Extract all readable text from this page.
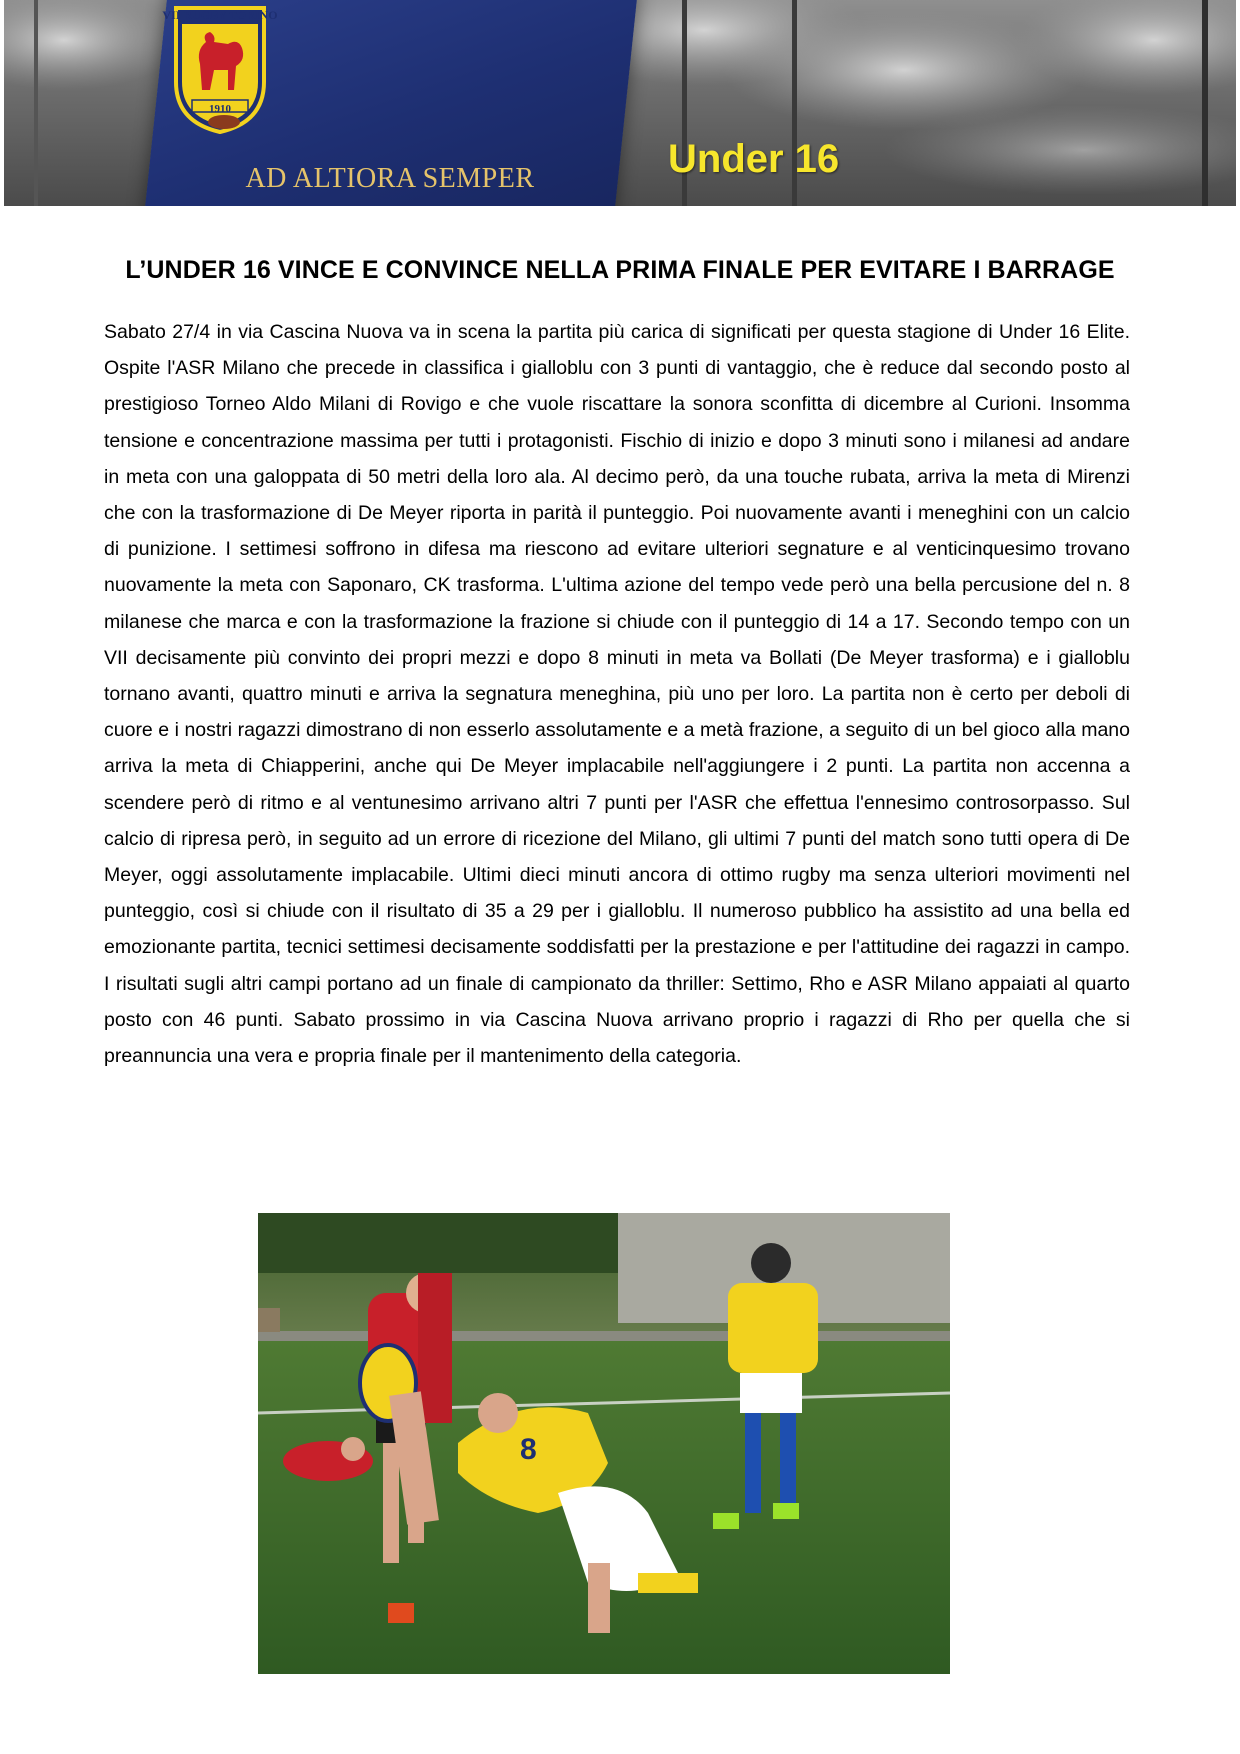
VII RUGBY TORINO
1910
AD ALTIORA SEMPER	Under 16
L’UNDER 16 VINCE E CONVINCE NELLA PRIMA FINALE PER EVITARE I BARRAGE

Sabato 27/4 in via Cascina Nuova va in scena la partita più carica di significati per questa stagione di Under 16 Elite. Ospite l'ASR Milano che precede in classifica i gialloblu con 3 punti di vantaggio, che è reduce dal secondo posto al prestigioso Torneo Aldo Milani di Rovigo e che vuole riscattare la sonora sconfitta di dicembre al Curioni. Insomma tensione e concentrazione massima per tutti i protagonisti. Fischio di inizio e dopo 3 minuti sono i milanesi ad andare in meta con una galoppata di 50 metri della loro ala. Al decimo però, da una touche rubata, arriva la meta di Mirenzi che con la trasformazione di De Meyer riporta in parità il punteggio. Poi nuovamente avanti i meneghini con un calcio di punizione. I settimesi soffrono in difesa ma riescono ad evitare ulteriori segnature e al venticinquesimo trovano nuovamente la meta con Saponaro, CK trasforma. L'ultima azione del tempo vede però una bella percusione del n. 8 milanese che marca e con la trasformazione la frazione si chiude con il punteggio di 14 a 17. Secondo tempo con un VII decisamente più convinto dei propri mezzi e dopo 8 minuti in meta va Bollati (De Meyer trasforma) e i gialloblu tornano avanti, quattro minuti e arriva la segnatura meneghina, più uno per loro. La partita non è certo per deboli di cuore e i nostri ragazzi dimostrano di non esserlo assolutamente e a metà frazione, a seguito di un bel gioco alla mano arriva la meta di Chiapperini, anche qui De Meyer implacabile nell'aggiungere i 2 punti. La partita non accenna a scendere però di ritmo e al ventunesimo arrivano altri 7 punti per l'ASR che effettua l'ennesimo controsorpasso. Sul calcio di ripresa però, in seguito ad un errore di ricezione del Milano, gli ultimi 7 punti del match sono tutti opera di De Meyer, oggi assolutamente implacabile. Ultimi dieci minuti ancora di ottimo rugby ma senza ulteriori movimenti nel punteggio, così si chiude con il risultato di 35 a 29 per i gialloblu. Il numeroso pubblico ha assistito ad una bella ed emozionante partita, tecnici settimesi decisamente soddisfatti per la prestazione e per l'attitudine dei ragazzi in campo. I risultati sugli altri campi portano ad un finale di campionato da thriller: Settimo, Rho e ASR Milano appaiati al quarto posto con 46 punti. Sabato prossimo in via Cascina Nuova arrivano proprio i ragazzi di Rho per quella che si preannuncia una vera e propria finale per il mantenimento della categoria.

8
